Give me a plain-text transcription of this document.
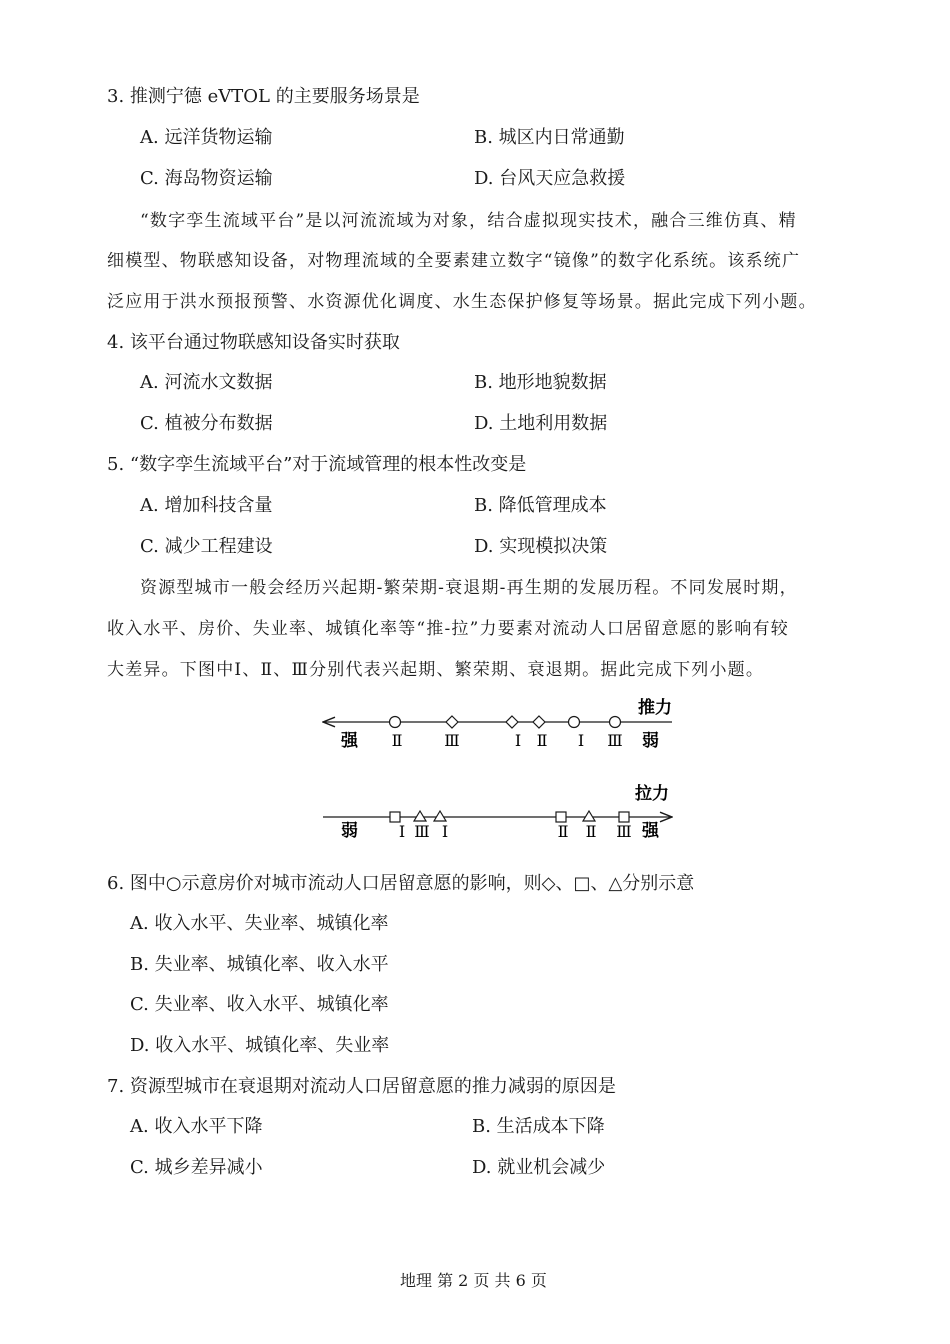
3. 推测宁德 eVTOL 的主要服务场景是
A. 远洋货物运输	B. 城区内日常通勤
C. 海岛物资运输	D. 台风天应急救援
“数字孪生流域平台”是以河流流域为对象，结合虚拟现实技术，融合三维仿真、精
细模型、物联感知设备，对物理流域的全要素建立数字“镜像”的数字化系统。该系统广
泛应用于洪水预报预警、水资源优化调度、水生态保护修复等场景。据此完成下列小题。
4. 该平台通过物联感知设备实时获取
A. 河流水文数据	B. 地形地貌数据
C. 植被分布数据	D. 土地利用数据
5. “数字孪生流域平台”对于流域管理的根本性改变是
A. 增加科技含量	B. 降低管理成本
C. 减少工程建设	D. 实现模拟决策
资源型城市一般会经历兴起期-繁荣期-衰退期-再生期的发展历程。不同发展时期，
收入水平、房价、失业率、城镇化率等“推-拉”力要素对流动人口居留意愿的影响有较
大差异。下图中Ⅰ、Ⅱ、Ⅲ分别代表兴起期、繁荣期、衰退期。据此完成下列小题。
推力
强	弱
Ⅱ	Ⅲ	Ⅰ Ⅱ Ⅰ Ⅲ
拉力
弱	强
Ⅰ Ⅲ Ⅰ	Ⅱ Ⅱ Ⅲ
6. 图中○示意房价对城市流动人口居留意愿的影响，则◇、□、△分别示意
A. 收入水平、失业率、城镇化率
B. 失业率、城镇化率、收入水平
C. 失业率、收入水平、城镇化率
D. 收入水平、城镇化率、失业率
7. 资源型城市在衰退期对流动人口居留意愿的推力减弱的原因是
A. 收入水平下降	B. 生活成本下降
C. 城乡差异减小	D. 就业机会减少
地理 第 2 页 共 6 页
